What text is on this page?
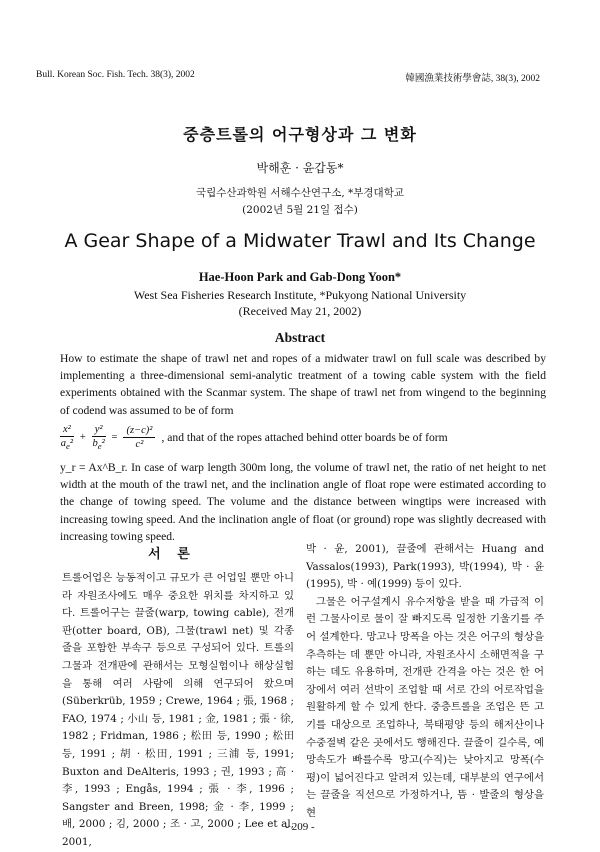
Bull. Korean Soc. Fish. Tech. 38(3), 2002	韓國漁業技術學會誌, 38(3), 2002
중층트롤의 어구형상과 그 변화
박해훈 · 윤갑동*
국립수산과학원 서해수산연구소, *부경대학교
(2002년 5월 21일 접수)
A Gear Shape of a Midwater Trawl and Its Change
Hae-Hoon Park and Gab-Dong Yoon*
West Sea Fisheries Research Institute, *Pukyong National University
(Received May 21, 2002)
Abstract

How to estimate the shape of trawl net and ropes of a midwater trawl on full scale was described by implementing a three-dimensional semi-analytic treatment of a towing cable system with the field experiments obtained with the Scanmar system. The shape of trawl net from wingend to the beginning of codend was assumed to be of form

$\frac{\text{x²}}{a_e^2} + \frac{\text{y²}}{b_e^2} = \frac{\text{(z−c)²}}{\text{c²}}$ , and that of the ropes attached behind otter boards be of form

y_r = Ax^B_r. In case of warp length 300m long, the volume of trawl net, the ratio of net height to net width at the mouth of the trawl net, and the inclination angle of float rope were estimated according to the change of towing speed. The volume and the distance between wingtips were increased with increasing towing speed. And the inclination angle of float (or ground) rope was slightly decreased with increasing towing speed.

서 론

트롤어업은 능동적이고 규모가 큰 어업일 뿐만 아니라 자원조사에도 매우 중요한 위치를 차지하고 있다. 트롤어구는 끌줄(warp, towing cable), 전개판(otter board, OB), 그물(trawl net) 및 각종 줄을 포함한 부속구 등으로 구성되어 있다. 트롤의 그물과 전개판에 관해서는 모형실험이나 해상실험을 통해 여러 사람에 의해 연구되어 왔으며 (Süberkrüb, 1959 ; Crewe, 1964 ; 張, 1968 ; FAO, 1974 ; 小山 등, 1981 ; 金, 1981 ; 張 · 徐, 1982 ; Fridman, 1986 ; 松田 등, 1990 ; 松田 등, 1991 ; 胡 · 松田, 1991 ; 三浦 등, 1991; Buxton and DeAlteris, 1993 ; 권, 1993 ; 高 · 李, 1993 ; Engås, 1994 ; 張 · 李, 1996 ; Sangster and Breen, 1998; 金 · 李, 1999 ; 배, 2000 ; 김, 2000 ; 조 · 고, 2000 ; Lee et al, 2001,

박 · 윤, 2001), 끌줄에 관해서는 Huang and Vassalos(1993), Park(1993), 박(1994), 박 · 윤 (1995), 박 · 예(1999) 등이 있다.

그물은 어구설계시 유수저항을 받을 때 가급적 이런 그물사이로 물이 잘 빠지도록 일정한 기울기를 주어 설계한다. 망고나 망폭을 아는 것은 어구의 형상을 추측하는 데 뿐만 아니라, 자원조사시 소해면적을 구하는 데도 유용하며, 전개판 간격을 아는 것은 한 어장에서 여러 선박이 조업할 때 서로 간의 어로작업을 원활하게 할 수 있게 한다. 중층트롤을 조업은 뜬 고기를 대상으로 조업하나, 북태평양 등의 해저산이나 수중절벽 같은 곳에서도 행해진다. 끌줄이 길수록, 예망속도가 빠를수록 망고(수직)는 낮아지고 망폭(수평)이 넓어진다고 알려져 있는데, 대부분의 연구에서는 끌줄을 직선으로 가정하거나, 뜸 · 발줄의 형상을 현

- 209 -
